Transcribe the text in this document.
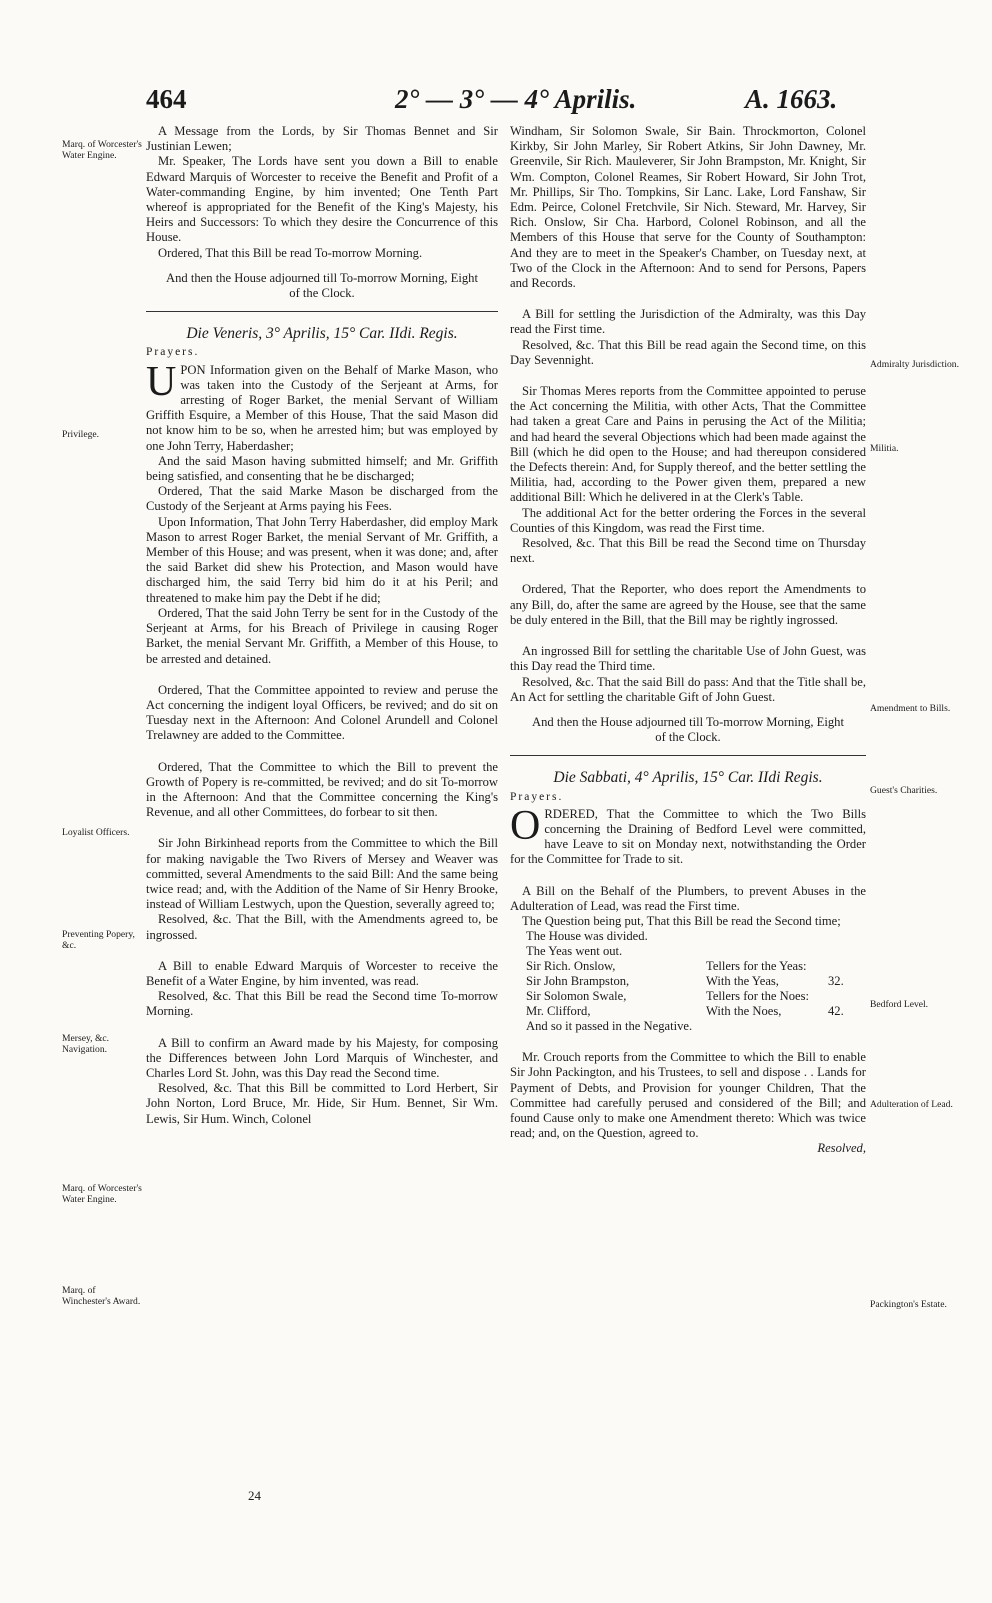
464	2° — 3° — 4° Aprilis.	A. 1663.
Marq. of Worcester's Water Engine.
Privilege.
Loyalist Officers.
Preventing Popery, &c.
Mersey, &c. Navigation.
Marq. of Worcester's Water Engine.
Marq. of Winchester's Award.
Admiralty Jurisdiction.
Militia.
Amendment to Bills.
Guest's Charities.
Bedford Level.
Adulteration of Lead.
Packington's Estate.

A Message from the Lords, by Sir Thomas Bennet and Sir Justinian Lewen;

Mr. Speaker, The Lords have sent you down a Bill to enable Edward Marquis of Worcester to receive the Benefit and Profit of a Water-commanding Engine, by him invented; One Tenth Part whereof is appropriated for the Benefit of the King's Majesty, his Heirs and Successors: To which they desire the Concurrence of this House.

Ordered, That this Bill be read To-morrow Morning.

And then the House adjourned till To-morrow Morning, Eight of the Clock.

Die Veneris, 3° Aprilis, 15° Car. IIdi. Regis.

Prayers.

UPON Information given on the Behalf of Marke Mason, who was taken into the Custody of the Serjeant at Arms, for arresting of Roger Barket, the menial Servant of William Griffith Esquire, a Member of this House, That the said Mason did not know him to be so, when he arrested him; but was employed by one John Terry, Haberdasher;

And the said Mason having submitted himself; and Mr. Griffith being satisfied, and consenting that he be discharged;

Ordered, That the said Marke Mason be discharged from the Custody of the Serjeant at Arms paying his Fees.

Upon Information, That John Terry Haberdasher, did employ Mark Mason to arrest Roger Barket, the menial Servant of Mr. Griffith, a Member of this House; and was present, when it was done; and, after the said Barket did shew his Protection, and Mason would have discharged him, the said Terry bid him do it at his Peril; and threatened to make him pay the Debt if he did;

Ordered, That the said John Terry be sent for in the Custody of the Serjeant at Arms, for his Breach of Privilege in causing Roger Barket, the menial Servant Mr. Griffith, a Member of this House, to be arrested and detained.

Ordered, That the Committee appointed to review and peruse the Act concerning the indigent loyal Officers, be revived; and do sit on Tuesday next in the Afternoon: And Colonel Arundell and Colonel Trelawney are added to the Committee.

Ordered, That the Committee to which the Bill to prevent the Growth of Popery is re-committed, be revived; and do sit To-morrow in the Afternoon: And that the Committee concerning the King's Revenue, and all other Committees, do forbear to sit then.

Sir John Birkinhead reports from the Committee to which the Bill for making navigable the Two Rivers of Mersey and Weaver was committed, several Amendments to the said Bill: And the same being twice read; and, with the Addition of the Name of Sir Henry Brooke, instead of William Lestwych, upon the Question, severally agreed to;

Resolved, &c. That the Bill, with the Amendments agreed to, be ingrossed.

A Bill to enable Edward Marquis of Worcester to receive the Benefit of a Water Engine, by him invented, was read.

Resolved, &c. That this Bill be read the Second time To-morrow Morning.

A Bill to confirm an Award made by his Majesty, for composing the Differences between John Lord Marquis of Winchester, and Charles Lord St. John, was this Day read the Second time.

Resolved, &c. That this Bill be committed to Lord Herbert, Sir John Norton, Lord Bruce, Mr. Hide, Sir Hum. Bennet, Sir Wm. Lewis, Sir Hum. Winch, Colonel

Windham, Sir Solomon Swale, Sir Bain. Throckmorton, Colonel Kirkby, Sir John Marley, Sir Robert Atkins, Sir John Dawney, Mr. Greenvile, Sir Rich. Mauleverer, Sir John Brampston, Mr. Knight, Sir Wm. Compton, Colonel Reames, Sir Robert Howard, Sir John Trot, Mr. Phillips, Sir Tho. Tompkins, Sir Lanc. Lake, Lord Fanshaw, Sir Edm. Peirce, Colonel Fretchvile, Sir Nich. Steward, Mr. Harvey, Sir Rich. Onslow, Sir Cha. Harbord, Colonel Robinson, and all the Members of this House that serve for the County of Southampton: And they are to meet in the Speaker's Chamber, on Tuesday next, at Two of the Clock in the Afternoon: And to send for Persons, Papers and Records.

A Bill for settling the Jurisdiction of the Admiralty, was this Day read the First time.

Resolved, &c. That this Bill be read again the Second time, on this Day Sevennight.

Sir Thomas Meres reports from the Committee appointed to peruse the Act concerning the Militia, with other Acts, That the Committee had taken a great Care and Pains in perusing the Act of the Militia; and had heard the several Objections which had been made against the Bill (which he did open to the House; and had thereupon considered the Defects therein: And, for Supply thereof, and the better settling the Militia, had, according to the Power given them, prepared a new additional Bill: Which he delivered in at the Clerk's Table.

The additional Act for the better ordering the Forces in the several Counties of this Kingdom, was read the First time.

Resolved, &c. That this Bill be read the Second time on Thursday next.

Ordered, That the Reporter, who does report the Amendments to any Bill, do, after the same are agreed by the House, see that the same be duly entered in the Bill, that the Bill may be rightly ingrossed.

An ingrossed Bill for settling the charitable Use of John Guest, was this Day read the Third time.

Resolved, &c. That the said Bill do pass: And that the Title shall be, An Act for settling the charitable Gift of John Guest.

And then the House adjourned till To-morrow Morning, Eight of the Clock.

Die Sabbati, 4° Aprilis, 15° Car. IIdi Regis.

Prayers.

ORDERED, That the Committee to which the Two Bills concerning the Draining of Bedford Level were committed, have Leave to sit on Monday next, notwithstanding the Order for the Committee for Trade to sit.

A Bill on the Behalf of the Plumbers, to prevent Abuses in the Adulteration of Lead, was read the First time.

The Question being put, That this Bill be read the Second time;

The House was divided.
The Yeas went out.
Sir Rich. Onslow,	Tellers for the Yeas:
Sir John Brampston,	With the Yeas,	32.
Sir Solomon Swale,	Tellers for the Noes:
Mr. Clifford,	With the Noes,	42.
And so it passed in the Negative.

Mr. Crouch reports from the Committee to which the Bill to enable Sir John Packington, and his Trustees, to sell and dispose . . Lands for Payment of Debts, and Provision for younger Children, That the Committee had carefully perused and considered of the Bill; and found Cause only to make one Amendment thereto: Which was twice read; and, on the Question, agreed to.

Resolved,

24
